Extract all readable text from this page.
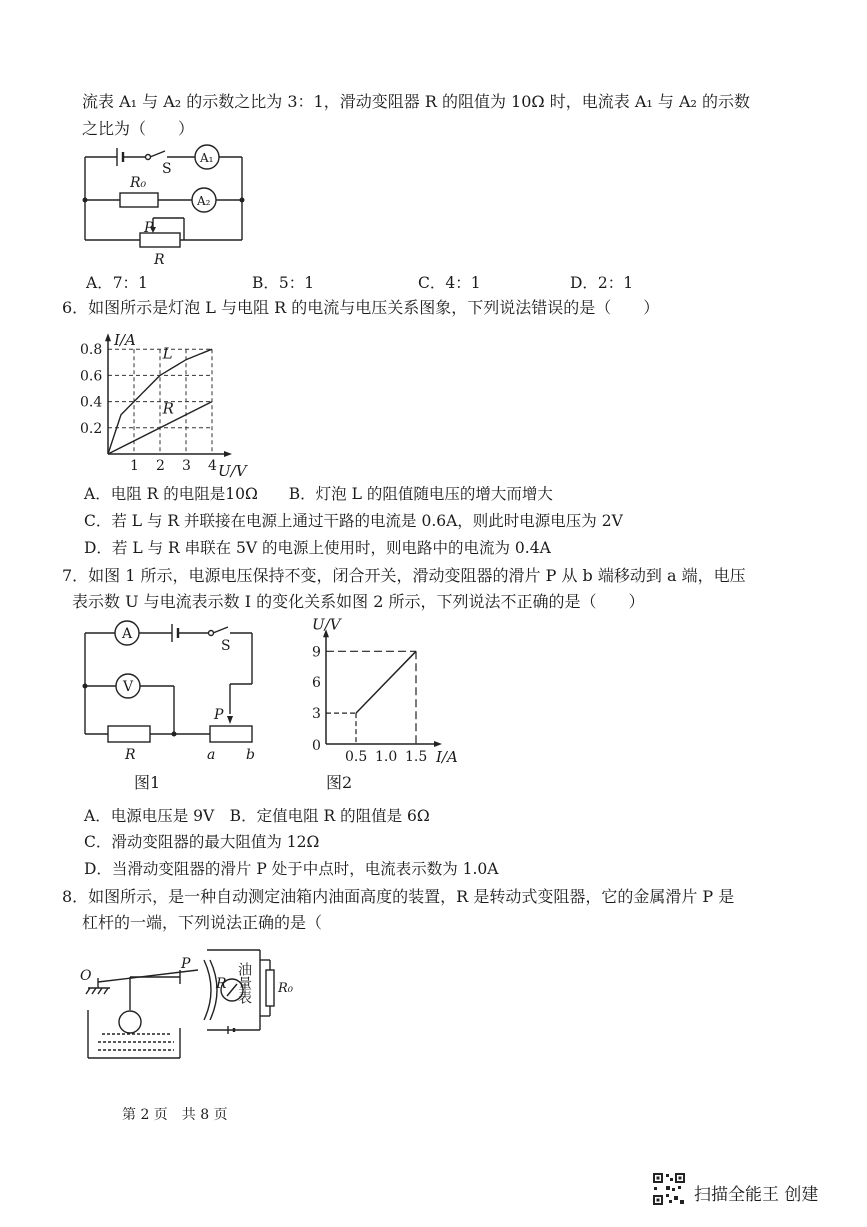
流表 A₁ 与 A₂ 的示数之比为 3：1，滑动变阻器 R 的阻值为 10Ω 时，电流表 A₁ 与 A₂ 的示数
之比为（　　）
S
A₁
A₂
R₀
P
R
A．7：1	B．5：1	C．4：1	D．2：1
6．如图所示是灯泡 L 与电阻 R 的电流与电压关系图象，下列说法错误的是（　　）
1 2 3 4
0.2
0.4
0.6
0.8
I/A
U/V
L
R
A．电阻 R 的电阻是10Ω　　B．灯泡 L 的阻值随电压的增大而增大
C．若 L 与 R 并联接在电源上通过干路的电流是 0.6A，则此时电源电压为 2V
D．若 L 与 R 串联在 5V 的电源上使用时，则电路中的电流为 0.4A
7．如图 1 所示，电源电压保持不变，闭合开关，滑动变阻器的滑片 P 从 b 端移动到 a 端，电压
表示数 U 与电流表示数 I 的变化关系如图 2 所示，下列说法不正确的是（　　）
A
V
S
P
R	a b	0.5 1.0 1.5
3
6
9
U/V
I/A
0
图1	图2
A．电源电压是 9V　B．定值电阻 R 的阻值是 6Ω
C．滑动变阻器的最大阻值为 12Ω
D．当滑动变阻器的滑片 P 处于中点时，电流表示数为 1.0A
8．如图所示，是一种自动测定油箱内油面高度的装置，R 是转动式变阻器，它的金属滑片 P 是
杠杆的一端，下列说法正确的是（
O
P
R 油量表 R₀
第 2 页　共 8 页
扫描全能王 创建
